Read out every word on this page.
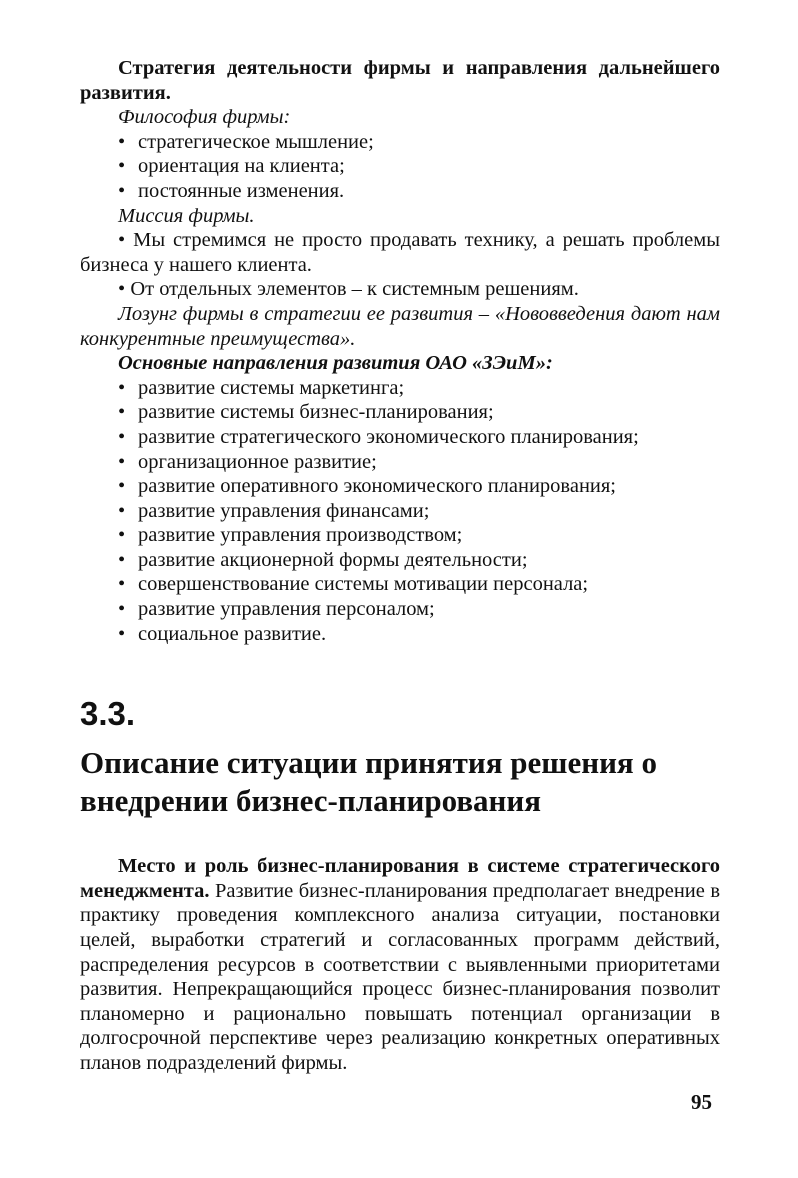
Стратегия деятельности фирмы и направления дальнейшего развития.

Философия фирмы:

• стратегическое мышление;
• ориентация на клиента;
• постоянные изменения.

Миссия фирмы.

• Мы стремимся не просто продавать технику, а решать проблемы бизнеса у нашего клиента.

• От отдельных элементов – к системным решениям.

Лозунг фирмы в стратегии ее развития – «Нововведения дают нам конкурентные преимущества».

Основные направления развития ОАО «ЗЭиМ»:

• развитие системы маркетинга;
• развитие системы бизнес-планирования;
• развитие стратегического экономического планирования;
• организационное развитие;
• развитие оперативного экономического планирования;
• развитие управления финансами;
• развитие управления производством;
• развитие акционерной формы деятельности;
• совершенствование системы мотивации персонала;
• развитие управления персоналом;
• социальное развитие.
3.3.
Описание ситуации принятия решения о внедрении бизнес-планирования

Место и роль бизнес-планирования в системе стратегического менеджмента. Развитие бизнес-планирования предполагает внедрение в практику проведения комплексного анализа ситуации, постановки целей, выработки стратегий и согласованных программ действий, распределения ресурсов в соответствии с выявленными приоритетами развития. Непрекращающийся процесс бизнес-планирования позволит планомерно и рационально повышать потенциал организации в долгосрочной перспективе через реализацию конкретных оперативных планов подразделений фирмы.

95
